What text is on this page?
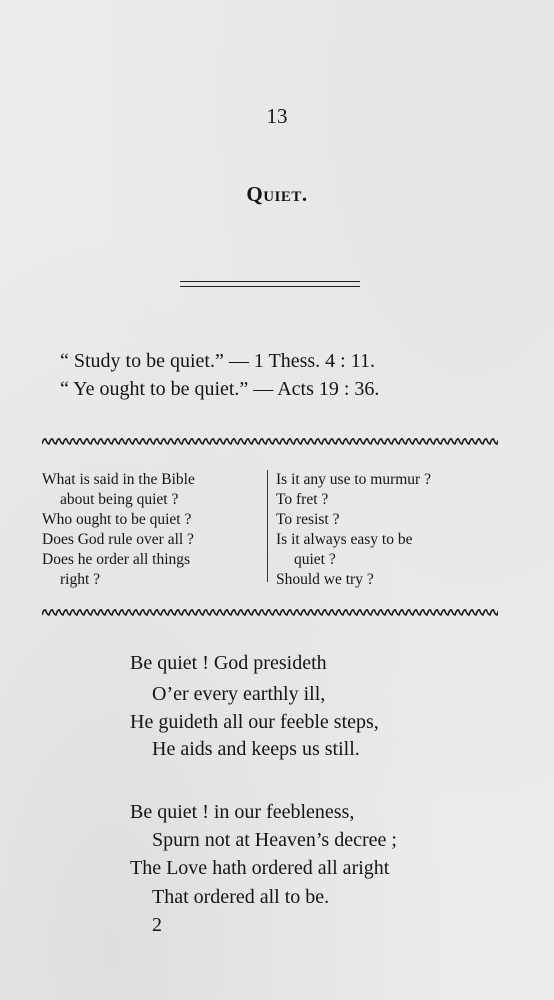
13
Quiet.
“ Study to be quiet.” — 1 Thess. 4 : 11.
“ Ye ought to be quiet.” — Acts 19 : 36.
What is said in the Bible
about being quiet ?
Who ought to be quiet ?
Does God rule over all ?
Does he order all things
right ?
Is it any use to murmur ?
To fret ?
To resist ?
Is it always easy to be
quiet ?
Should we try ?
Be quiet ! God presideth
O’er every earthly ill,
He guideth all our feeble steps,
He aids and keeps us still.
Be quiet ! in our feebleness,
Spurn not at Heaven’s decree ;
The Love hath ordered all aright
That ordered all to be.
2
